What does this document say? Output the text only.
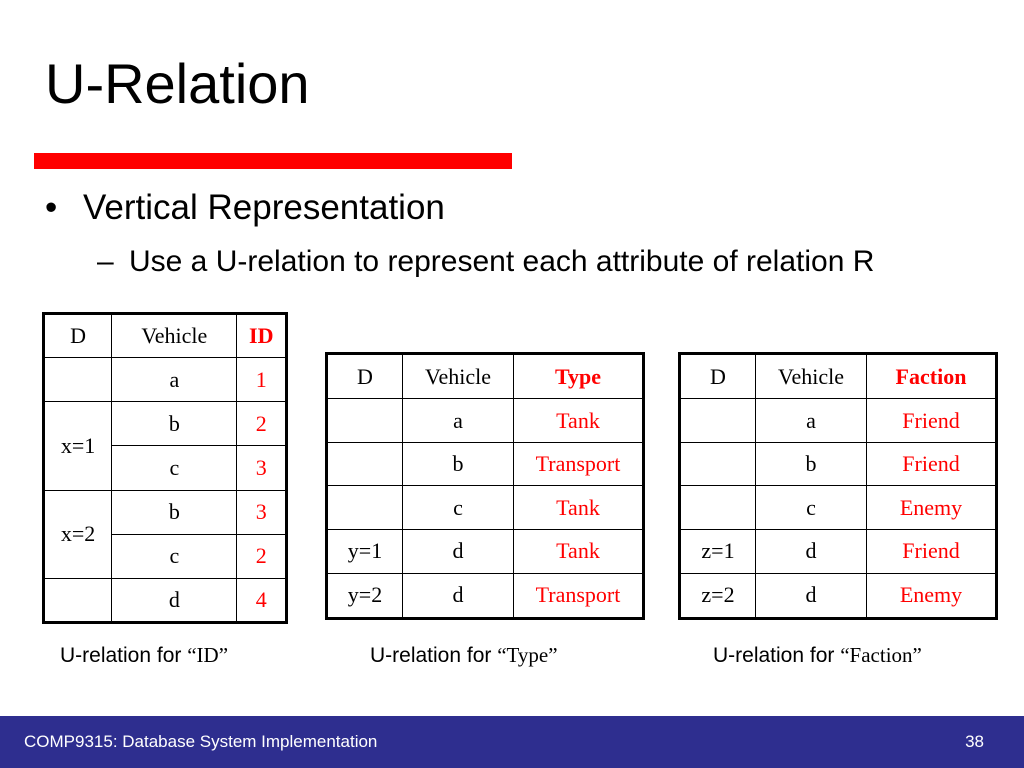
U-Relation
• Vertical Representation
– Use a U-relation to represent each attribute of relation R
D	Vehicle	ID
	a	1
x=1	b	2
	c	3
x=2	b	3
	c	2
	d	4
D	Vehicle	Type
	a	Tank
	b	Transport
	c	Tank
y=1	d	Tank
y=2	d	Transport
D	Vehicle	Faction
	a	Friend
	b	Friend
	c	Enemy
z=1	d	Friend
z=2	d	Enemy
U-relation for “ID”	U-relation for “Type”	U-relation for “Faction”
COMP9315: Database System Implementation	38
